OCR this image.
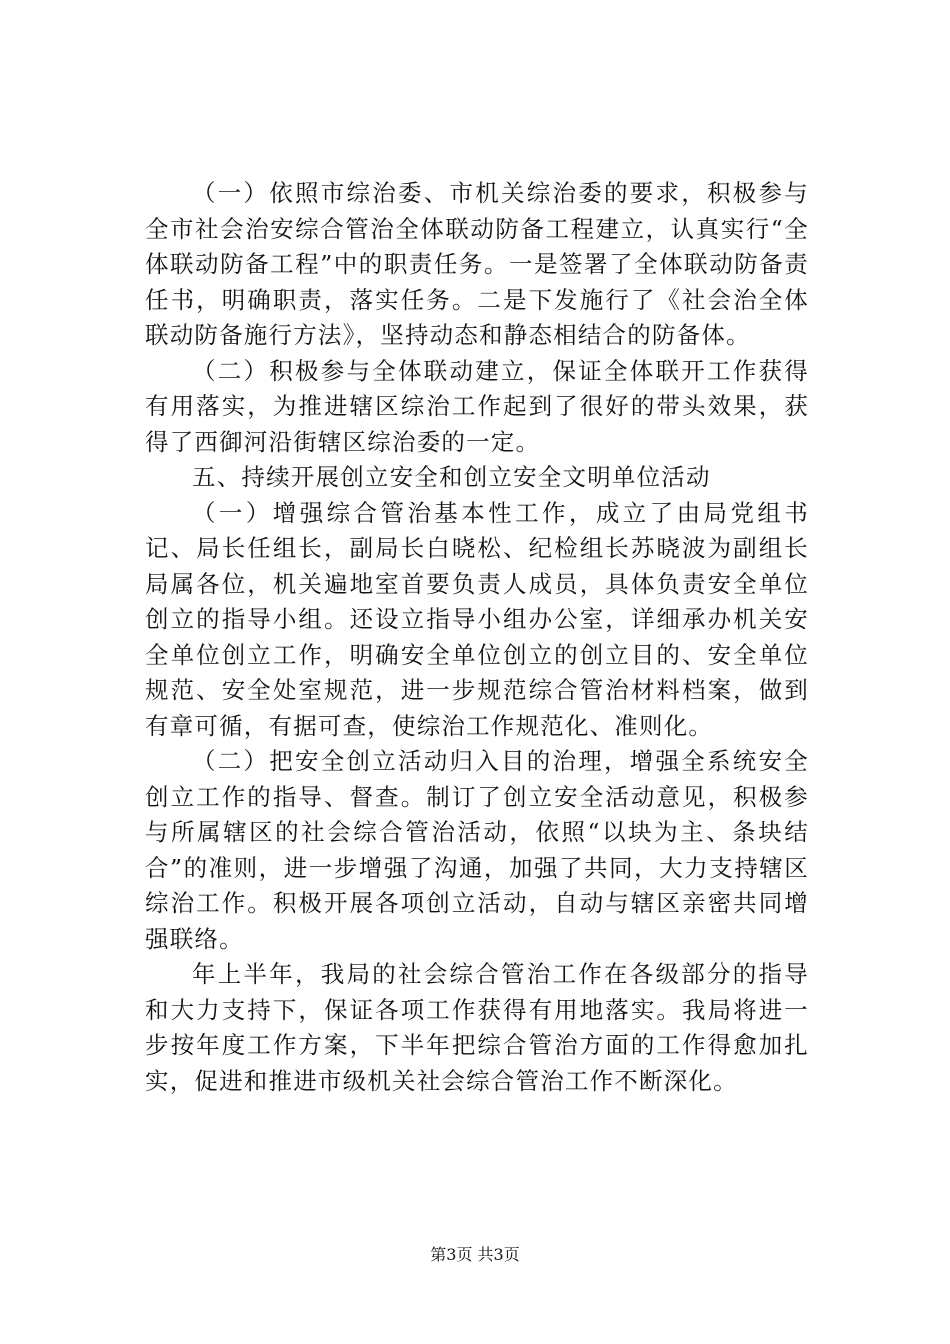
（一）依照市综治委、市机关综治委的要求，积极参与全市社会治安综合管治全体联动防备工程建立，认真实行“全体联动防备工程”中的职责任务。一是签署了全体联动防备责任书，明确职责，落实任务。二是下发施行了《社会治全体联动防备施行方法》，坚持动态和静态相结合的防备体。

（二）积极参与全体联动建立，保证全体联开工作获得有用落实，为推进辖区综治工作起到了很好的带头效果，获得了西御河沿街辖区综治委的一定。

五、持续开展创立安全和创立安全文明单位活动

（一）增强综合管治基本性工作，成立了由局党组书记、局长任组长，副局长白晓松、纪检组长苏晓波为副组长局属各位，机关遍地室首要负责人成员，具体负责安全单位创立的指导小组。还设立指导小组办公室，详细承办机关安全单位创立工作，明确安全单位创立的创立目的、安全单位规范、安全处室规范，进一步规范综合管治材料档案，做到有章可循，有据可查，使综治工作规范化、准则化。

（二）把安全创立活动归入目的治理，增强全系统安全创立工作的指导、督查。制订了创立安全活动意见，积极参与所属辖区的社会综合管治活动，依照“以块为主、条块结合”的准则，进一步增强了沟通，加强了共同，大力支持辖区综治工作。积极开展各项创立活动，自动与辖区亲密共同增强联络。

年上半年，我局的社会综合管治工作在各级部分的指导和大力支持下，保证各项工作获得有用地落实。我局将进一步按年度工作方案，下半年把综合管治方面的工作得愈加扎实，促进和推进市级机关社会综合管治工作不断深化。

第3页 共3页
